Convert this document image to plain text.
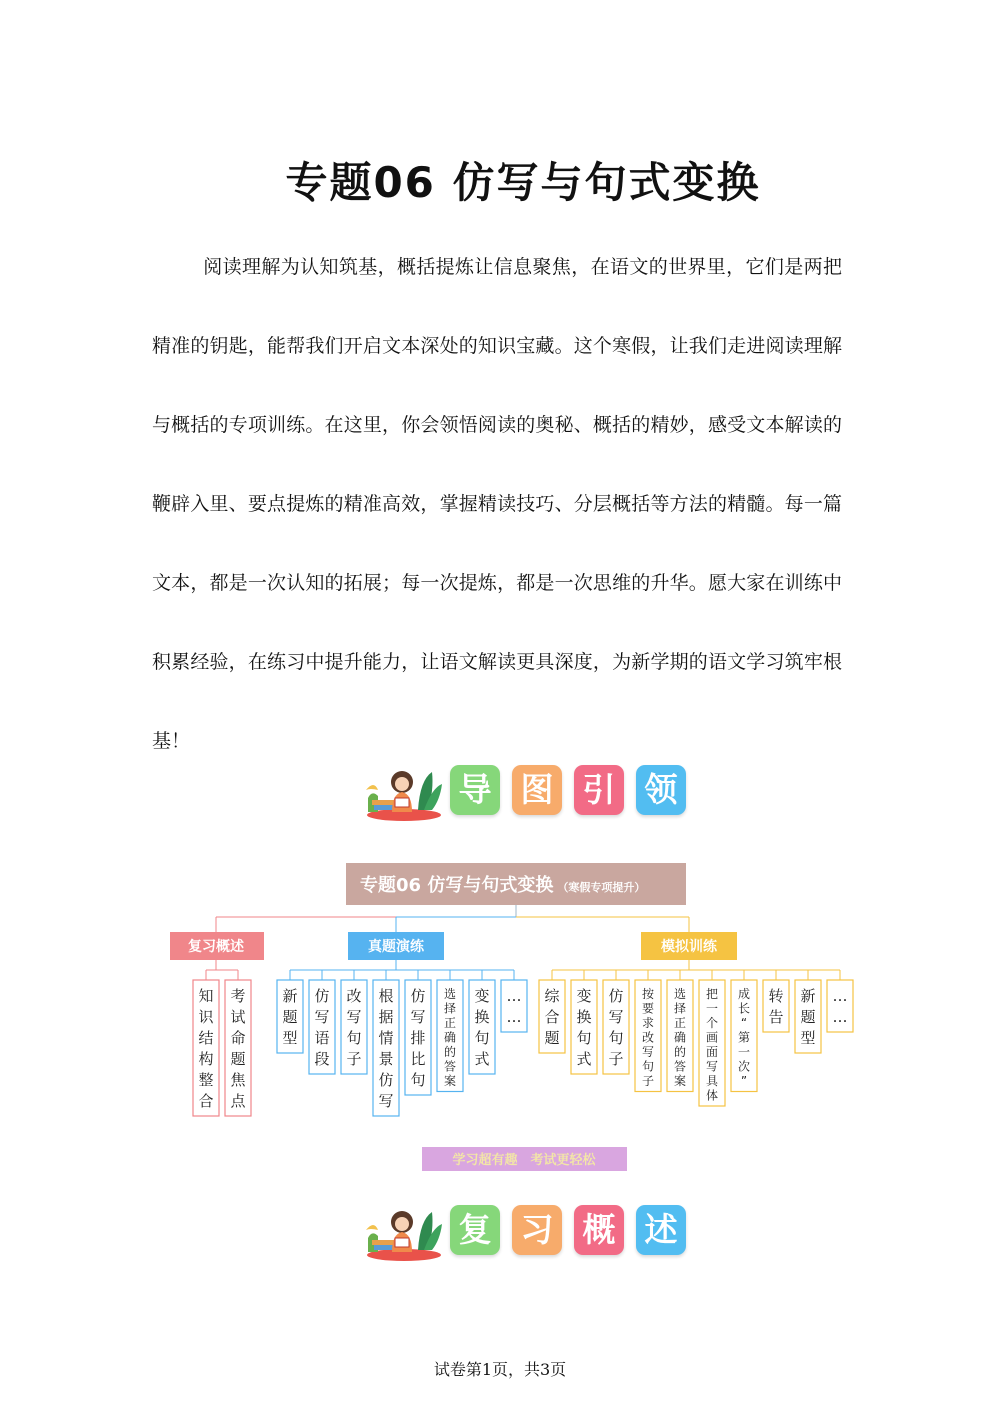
专题06 仿写与句式变换

阅读理解为认知筑基，概括提炼让信息聚焦，在语文的世界里，它们是两把精准的钥匙，能帮我们开启文本深处的知识宝藏。这个寒假，让我们走进阅读理解与概括的专项训练。在这里，你会领悟阅读的奥秘、概括的精妙，感受文本解读的鞭辟入里、要点提炼的精准高效，掌握精读技巧、分层概括等方法的精髓。每一篇文本，都是一次认知的拓展；每一次提炼，都是一次思维的升华。愿大家在训练中积累经验，在练习中提升能力，让语文解读更具深度，为新学期的语文学习筑牢根基！

导 图 引 领
专题06 仿写与句式变换 （寒假专项提升）
复习概述
知识结构整合
考试命题焦点
真题演练
新题型
仿写语段
改写句子
根据情景仿写
仿写排比句
选择正确的答案
变换句式
… …
模拟训练
综合题
变换句式
仿写句子
按要求改写句子
选择正确的答案
把一个画面写具体
成长“第一次”
转告
新题型
… …
学习超有趣　考试更轻松
复 习 概 述
试卷第1页，共3页
